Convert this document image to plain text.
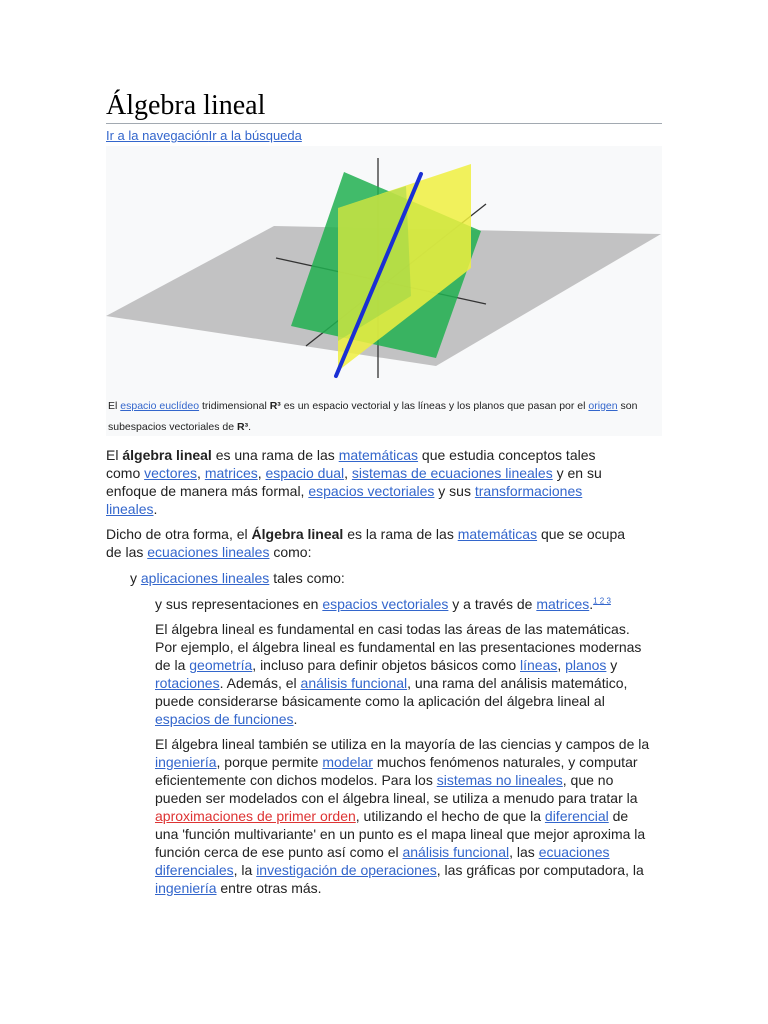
Álgebra lineal
Ir a la navegaciónIr a la búsqueda
El espacio euclídeo tridimensional R³ es un espacio vectorial y las líneas y los planos que pasan por el origen son subespacios vectoriales de R³.

El álgebra lineal es una rama de las matemáticas que estudia conceptos tales como vectores, matrices, espacio dual, sistemas de ecuaciones lineales y en su enfoque de manera más formal, espacios vectoriales y sus transformaciones lineales.

Dicho de otra forma, el Álgebra lineal es la rama de las matemáticas que se ocupa de las ecuaciones lineales como:

y aplicaciones lineales tales como:

y sus representaciones en espacios vectoriales y a través de matrices.$^{1 2 3}$

El álgebra lineal es fundamental en casi todas las áreas de las matemáticas. Por ejemplo, el álgebra lineal es fundamental en las presentaciones modernas de la geometría, incluso para definir objetos básicos como líneas, planos y rotaciones. Además, el análisis funcional, una rama del análisis matemático, puede considerarse básicamente como la aplicación del álgebra lineal al espacios de funciones.

El álgebra lineal también se utiliza en la mayoría de las ciencias y campos de la ingeniería, porque permite modelar muchos fenómenos naturales, y computar eficientemente con dichos modelos. Para los sistemas no lineales, que no pueden ser modelados con el álgebra lineal, se utiliza a menudo para tratar la aproximaciones de primer orden, utilizando el hecho de que la diferencial de una 'función multivariante' en un punto es el mapa lineal que mejor aproxima la función cerca de ese punto así como el análisis funcional, las ecuaciones diferenciales, la investigación de operaciones, las gráficas por computadora, la ingeniería entre otras más.
